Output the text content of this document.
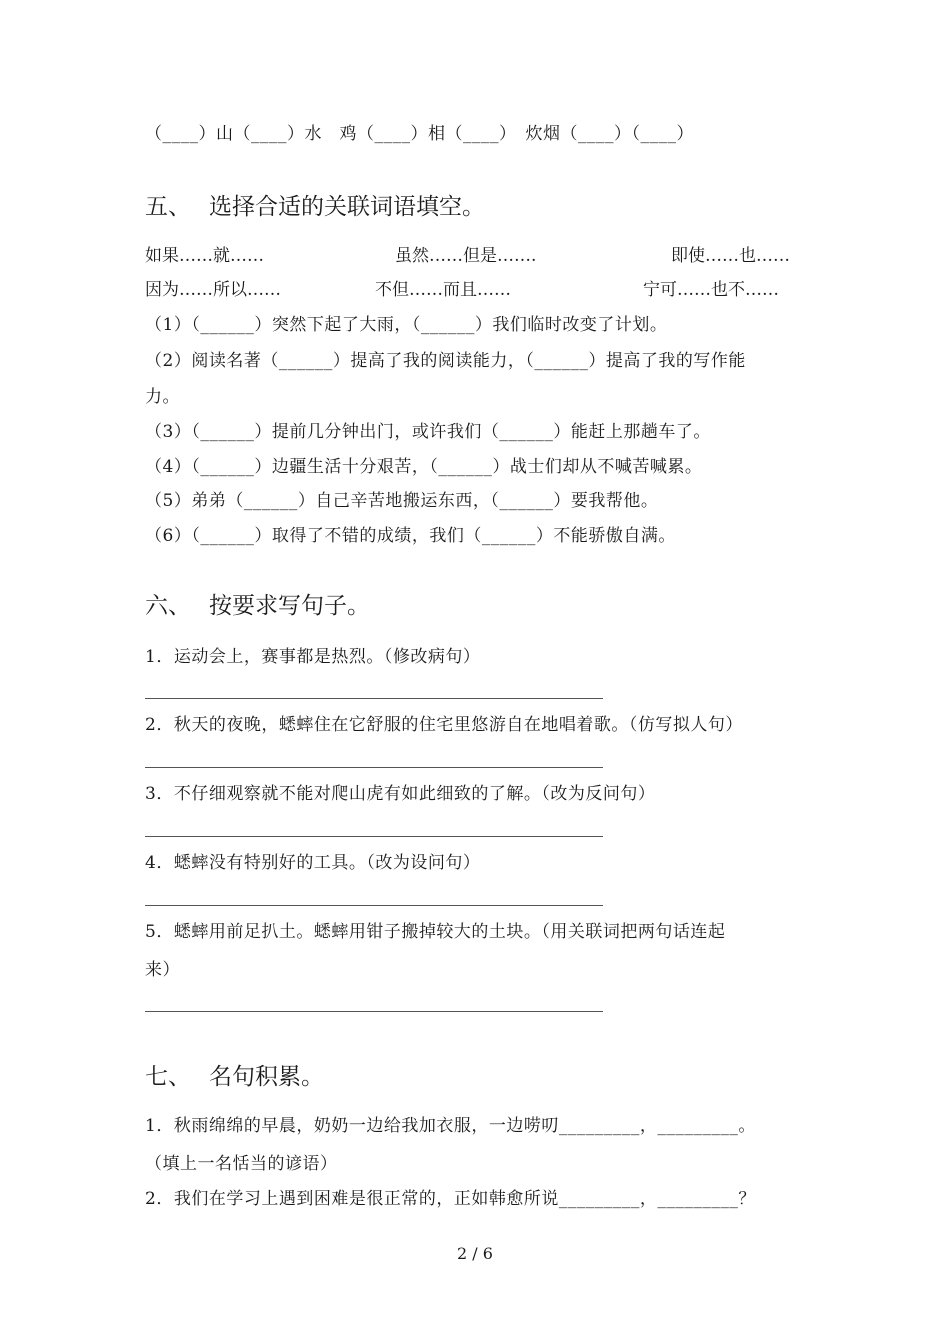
（____）山（____）水　鸡（____）相（____）　炊烟（____）（____）
五、 选择合适的关联词语填空。
如果……就……	虽然……但是…….	即使……也……
因为……所以……	不但……而且……	宁可……也不……
（1）（______）突然下起了大雨，（______）我们临时改变了计划。
（2）阅读名著（______）提高了我的阅读能力，（______）提高了我的写作能
力。
（3）（______）提前几分钟出门，或许我们（______）能赶上那趟车了。
（4）（______）边疆生活十分艰苦，（______）战士们却从不喊苦喊累。
（5）弟弟（______）自己辛苦地搬运东西，（______）要我帮他。
（6）（______）取得了不错的成绩，我们（______）不能骄傲自满。
六、 按要求写句子。
1．运动会上，赛事都是热烈。（修改病句）
2．秋天的夜晚，蟋蟀住在它舒服的住宅里悠游自在地唱着歌。（仿写拟人句）
3．不仔细观察就不能对爬山虎有如此细致的了解。（改为反问句）
4．蟋蟀没有特别好的工具。（改为设问句）
5．蟋蟀用前足扒土。蟋蟀用钳子搬掉较大的土块。（用关联词把两句话连起
来）
七、 名句积累。
1．秋雨绵绵的早晨，奶奶一边给我加衣服，一边唠叨_________，_________。
（填上一名恬当的谚语）
2．我们在学习上遇到困难是很正常的，正如韩愈所说_________，_________？
2 / 6
